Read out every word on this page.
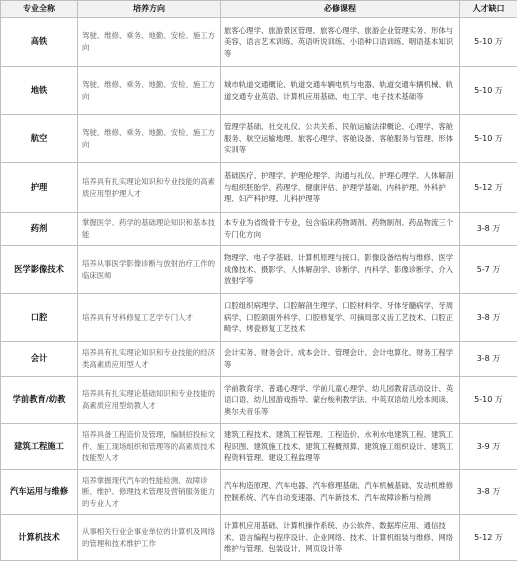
专业全称	培养方向	必修课程	人才缺口
高铁	驾驶、维修、乘务、地勤、安检、施工方向	旅客心理学、旅游景区管理、旅客心理学、旅游企业管理实务、形体与美容、语言艺术训练、英语听说训练、小语种口语训练、咽语基本知识等	5-10 万
地铁	驾驶、维修、乘务、地勤、安检、施工方向	城市轨道交通概论、轨道交通车辆电机与电器、轨道交通车辆机械、轨道交通专业英语、计算机应用基础、电工学、电子技术基础等	5-10 万
航空	驾驶、维修、乘务、地勤、安检、施工方向	管理学基础、社交礼仪、公共关系、民航运输法律概论、心理学、客舱服务、航空运输地理、旅客心理学、客舱设备、客舱服务与管理、形体实训等	5-10 万
护理	培养具有扎实理论知识和专业技能的高素质应用型护理人才	基础医疗、护理学、护理伦理学、沟通与礼仪、护理心理学、人体解剖与组织胚胎学、药理学、健康评估、护理学基础、内科护理、外科护理、妇产科护理、儿科护理等	5-12 万
药剂	掌握医学、药学的基础理论知识和基本技能	本专业为省级骨干专业，包含临床药物调剂、药物制剂、药品物流三个专门化方向	3-8 万
医学影像技术	培养从事医学影像诊断与放射治疗工作的临床医师	物理学、电子学基础、计算机原理与接口、影像设备结构与维修、医学成像技术、摄影学、人体解剖学、诊断学、内科学、影像诊断学、介入放射学等	5-7 万
口腔	培养具有牙科修复工艺学专门人才	口腔组织病理学、口腔解剖生理学、口腔材料学、牙体牙髓病学、牙周病学、口腔颌面外科学、口腔修复学、可摘局部义齿工艺技术、口腔正畸学、烤瓷修复工艺技术	3-8 万
会计	培养具有扎实理论知识和专业技能的经济类高素质应用型人才	会计实务、财务会计、成本会计、管理会计、会计电算化、财务工程学等	3-8 万
学前教育/幼教	培养具有扎实理论基础知识和专业技能的高素质应用型幼教人才	学前教育学、普通心理学、学前儿童心理学、幼儿园教育活动设计、英语口语、幼儿园游戏指导、蒙台梭利教学法、中英双语幼儿绘本阅读、奥尔夫音乐等	5-10 万
建筑工程施工	培养具备工程造价及管理，编制招投标文件、施工现场组织和管理等的高素质技术技能型人才	建筑工程技术、建筑工程管理、工程造价、水利水电建筑工程、建筑工程识图、建筑施工技术、建筑工程概预算、建筑施工组织设计、建筑工程资料管理、建设工程监理等	3-9 万
汽车运用与维修	培养掌握现代汽车的性能检测、故障诊断、维护、修理技术管理及营销服务能力的专业人才	汽车构造原理、汽车电器、汽车修理基础、汽车机械基础、发动机维修控制系统、汽车自动变速器、汽车新技术、汽车故障诊断与检测	3-8 万
计算机技术	从事相关行业企事业单位的计算机及网络的管理和技术维护工作	计算机应用基础、计算机操作系统、办公软件、数据库应用、通信技术、语言编程与程序设计、企业网络、技术、计算机组装与维修、网络维护与管理、包装设计、网页设计等	5-12 万
